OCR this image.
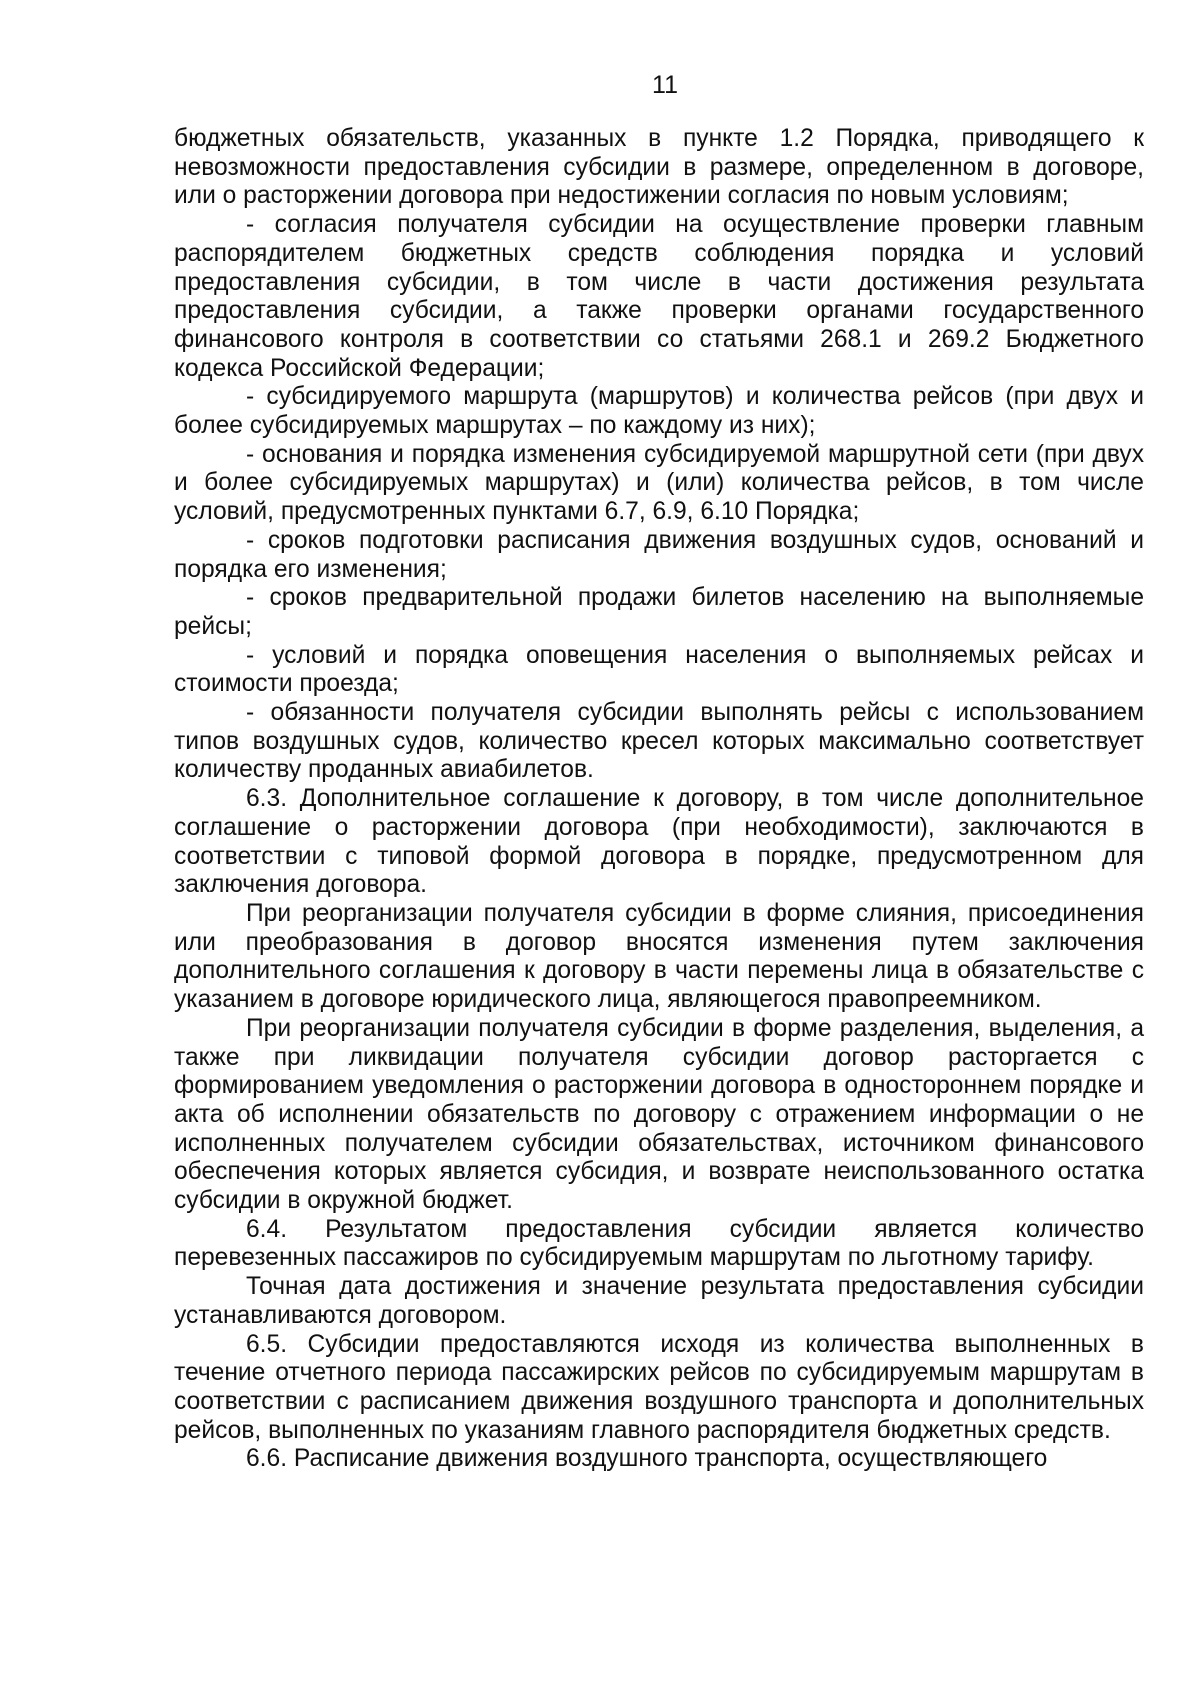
11

бюджетных обязательств, указанных в пункте 1.2 Порядка, приводящего к невозможности предоставления субсидии в размере, определенном в договоре, или о расторжении договора при недостижении согласия по новым условиям;

- согласия получателя субсидии на осуществление проверки главным распорядителем бюджетных средств соблюдения порядка и условий предоставления субсидии, в том числе в части достижения результата предоставления субсидии, а также проверки органами государственного финансового контроля в соответствии со статьями 268.1 и 269.2 Бюджетного кодекса Российской Федерации;

- субсидируемого маршрута (маршрутов) и количества рейсов (при двух и более субсидируемых маршрутах – по каждому из них);

- основания и порядка изменения субсидируемой маршрутной сети (при двух и более субсидируемых маршрутах) и (или) количества рейсов, в том числе условий, предусмотренных пунктами 6.7, 6.9, 6.10 Порядка;

- сроков подготовки расписания движения воздушных судов, оснований и порядка его изменения;

- сроков предварительной продажи билетов населению на выполняемые рейсы;

- условий и порядка оповещения населения о выполняемых рейсах и стоимости проезда;

- обязанности получателя субсидии выполнять рейсы с использованием типов воздушных судов, количество кресел которых максимально соответствует количеству проданных авиабилетов.

6.3. Дополнительное соглашение к договору, в том числе дополнительное соглашение о расторжении договора (при необходимости), заключаются в соответствии с типовой формой договора в порядке, предусмотренном для заключения договора.

При реорганизации получателя субсидии в форме слияния, присоединения или преобразования в договор вносятся изменения путем заключения дополнительного соглашения к договору в части перемены лица в обязательстве с указанием в договоре юридического лица, являющегося правопреемником.

При реорганизации получателя субсидии в форме разделения, выделения, а также при ликвидации получателя субсидии договор расторгается с формированием уведомления о расторжении договора в одностороннем порядке и акта об исполнении обязательств по договору с отражением информации о не исполненных получателем субсидии обязательствах, источником финансового обеспечения которых является субсидия, и возврате неиспользованного остатка субсидии в окружной бюджет.

6.4. Результатом предоставления субсидии является количество перевезенных пассажиров по субсидируемым маршрутам по льготному тарифу.

Точная дата достижения и значение результата предоставления субсидии устанавливаются договором.

6.5. Субсидии предоставляются исходя из количества выполненных в течение отчетного периода пассажирских рейсов по субсидируемым маршрутам в соответствии с расписанием движения воздушного транспорта и дополнительных рейсов, выполненных по указаниям главного распорядителя бюджетных средств.

6.6. Расписание движения воздушного транспорта, осуществляющего
